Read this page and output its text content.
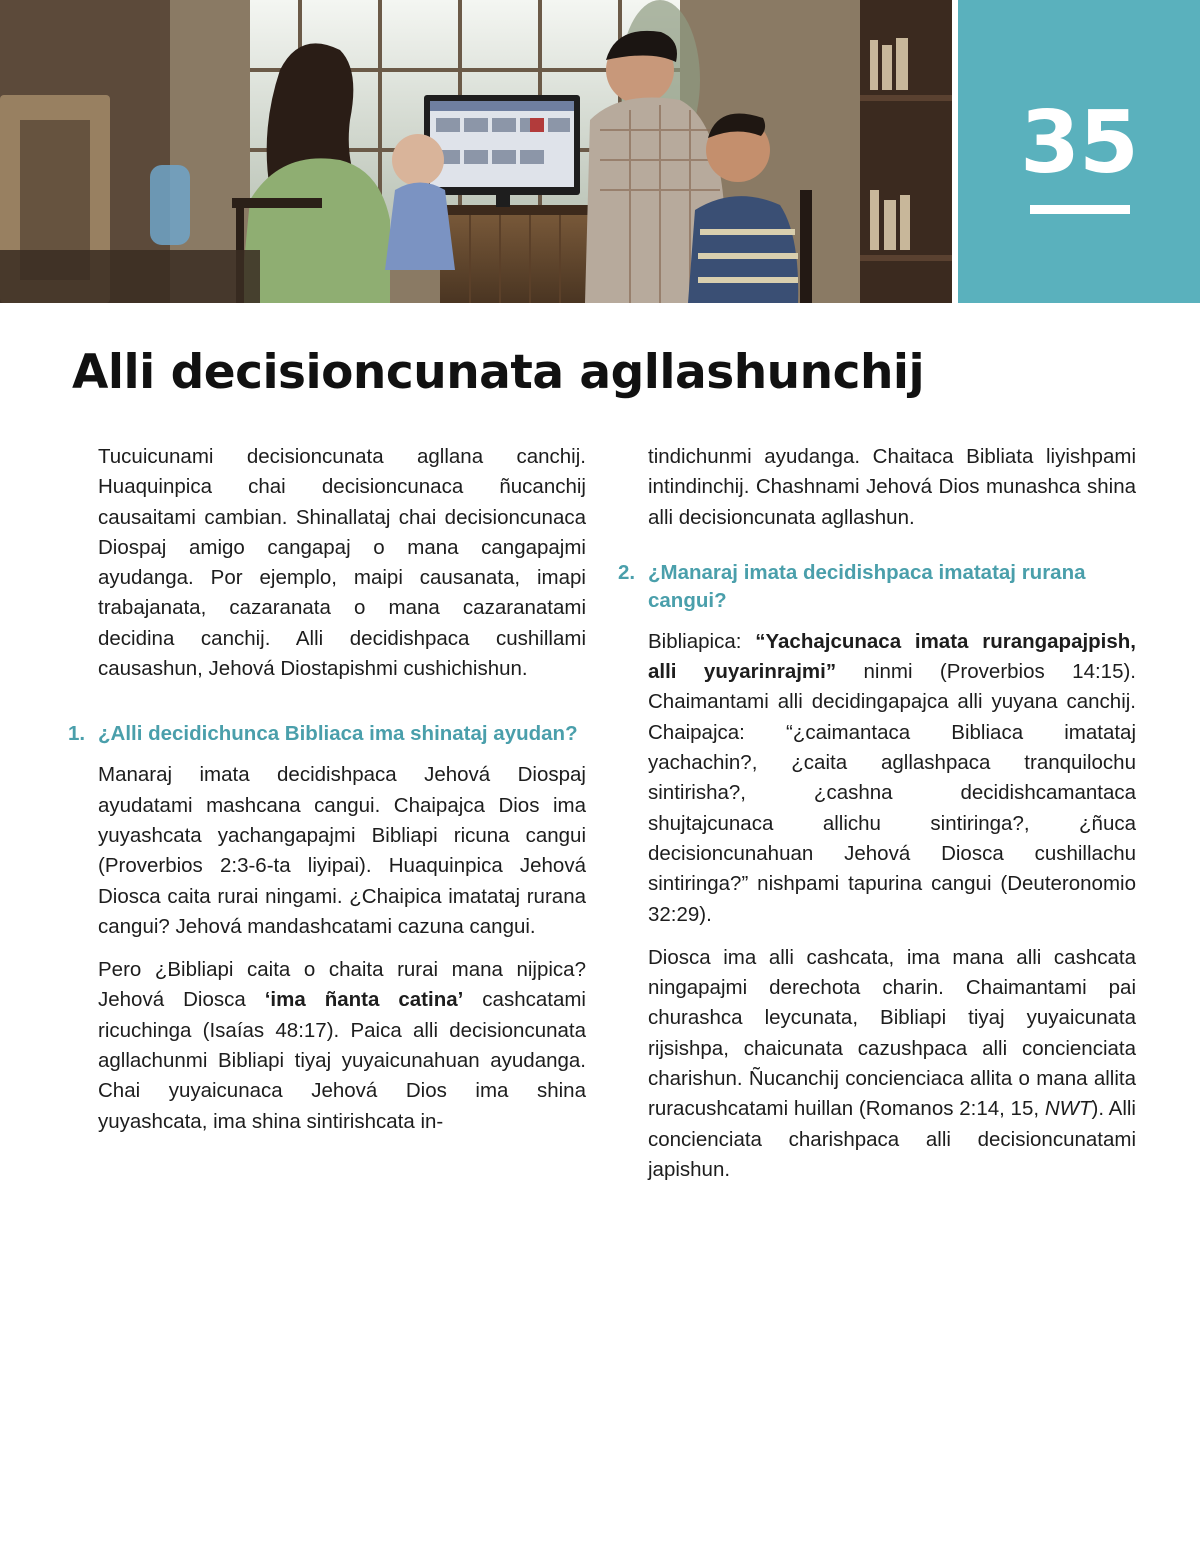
35
Alli decisioncunata agllashunchij

Tucuicunami decisioncunata agllana canchij. Huaquinpica chai decisioncunaca ñucanchij causaitami cambian. Shinallataj chai decisioncunaca Diospaj amigo cangapaj o mana cangapajmi ayudanga. Por ejemplo, maipi causanata, imapi trabajanata, cazaranata o mana cazaranatami decidina canchij. Alli decidishpaca cushillami causashun, Jehová Diostapishmi cushichishun.

1. ¿Alli decidichunca Bibliaca ima shinataj ayudan?

Manaraj imata decidishpaca Jehová Diospaj ayudatami mashcana cangui. Chaipajca Dios ima yuyashcata yachangapajmi Bibliapi ricuna cangui (Proverbios 2:3-6-ta liyipai). Huaquinpica Jehová Diosca caita rurai ningami. ¿Chaipica imatataj rurana cangui? Jehová mandashcatami cazuna cangui.

Pero ¿Bibliapi caita o chaita rurai mana nijpica? Jehová Diosca ‘ima ñanta catina’ cashcatami ricuchinga (Isaías 48:17). Paica alli decisioncunata agllachunmi Bibliapi tiyaj yuyaicunahuan ayudanga. Chai yuyaicunaca Jehová Dios ima shina yuyashcata, ima shina sintirishcata in-

tindichunmi ayudanga. Chaitaca Bibliata liyishpami intindinchij. Chashnami Jehová Dios munashca shina alli decisioncunata agllashun.

2. ¿Manaraj imata decidishpaca imatataj rurana cangui?

Bibliapica: “Yachajcunaca imata rurangapajpish, alli yuyarinrajmi” ninmi (Proverbios 14:15). Chaimantami alli decidingapajca alli yuyana canchij. Chaipajca: “¿caimantaca Bibliaca imatataj yachachin?, ¿caita agllashpaca tranquilochu sintirisha?, ¿cashna decidishcamantaca shujtajcunaca allichu sintiringa?, ¿ñuca decisioncunahuan Jehová Diosca cushillachu sintiringa?” nishpami tapurina cangui (Deuteronomio 32:29).

Diosca ima alli cashcata, ima mana alli cashcata ningapajmi derechota charin. Chaimantami pai churashca leycunata, Bibliapi tiyaj yuyaicunata rijsishpa, chaicunata cazushpaca alli concienciata charishun. Ñucanchij concienciaca allita o mana allita ruracushcatami huillan (Romanos 2:14, 15, NWT). Alli concienciata charishpaca alli decisioncunatami japishun.
